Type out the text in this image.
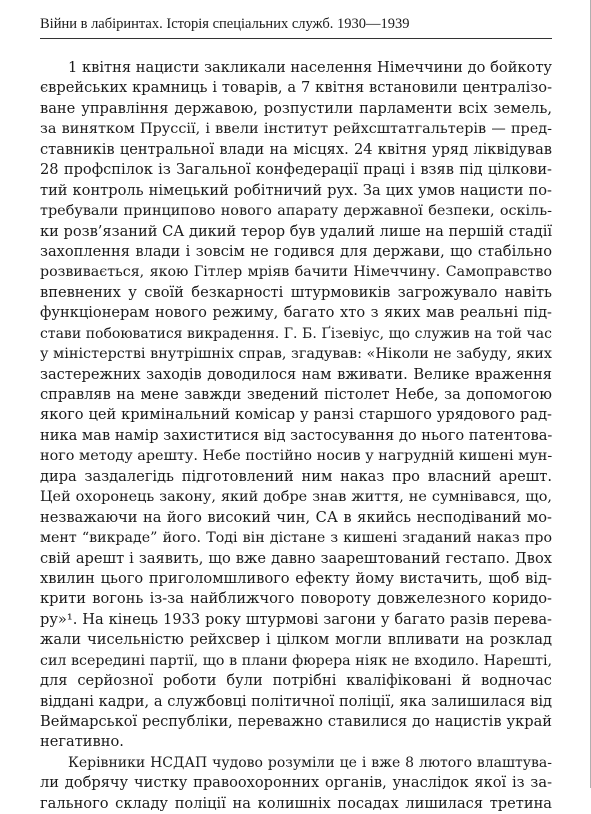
Війни в лабіринтах. Історія спеціальних служб. 1930—1939
1 квітня нацисти закликали населення Німеччини до бойкоту
єврейських крамниць і товарів, а 7 квітня встановили централізо-
ване управління державою, розпустили парламенти всіх земель,
за винятком Пруссії, і ввели інститут рейхсштатгальтерів — пред-
ставників центральної влади на місцях. 24 квітня уряд ліквідував
28 профспілок із Загальної конфедерації праці і взяв під цілкови-
тий контроль німецький робітничий рух. За цих умов нацисти по-
требували принципово нового апарату державної безпеки, оскіль-
ки розв’язаний СА дикий терор був удалий лише на першій стадії
захоплення влади і зовсім не годився для держави, що стабільно
розвивається, якою Гітлер мріяв бачити Німеччину. Самоправство
впевнених у своїй безкарності штурмовиків загрожувало навіть
функціонерам нового режиму, багато хто з яких мав реальні під-
стави побоюватися викрадення. Г. Б. Ґізевіус, що служив на той час
у міністерстві внутрішніх справ, згадував: «Ніколи не забуду, яких
застережних заходів доводилося нам вживати. Велике враження
справляв на мене завжди зведений пістолет Небе, за допомогою
якого цей кримінальний комісар у ранзі старшого урядового рад-
ника мав намір захиститися від застосування до нього патентова-
ного методу арешту. Небе постійно носив у нагрудній кишені мун-
дира заздалегідь підготовлений ним наказ про власний арешт.
Цей охоронець закону, який добре знав життя, не сумнівався, що,
незважаючи на його високий чин, СА в якийсь несподіваний мо-
мент “викраде” його. Тоді він дістане з кишені згаданий наказ про
свій арешт і заявить, що вже давно заарештований гестапо. Двох
хвилин цього приголомшливого ефекту йому вистачить, щоб від-
крити вогонь із-за найближчого повороту довжелезного коридо-
ру»¹. На кінець 1933 року штурмові загони у багато разів перева-
жали чисельністю рейхсвер і цілком могли впливати на розклад
сил всередині партії, що в плани фюрера ніяк не входило. Нарешті,
для серйозної роботи були потрібні кваліфіковані й водночас
віддані кадри, а службовці політичної поліції, яка залишилася від
Веймарської республіки, переважно ставилися до нацистів украй
негативно.
Керівники НСДАП чудово розуміли це і вже 8 лютого влаштува-
ли добрячу чистку правоохоронних органів, унаслідок якої із за-
гального складу поліції на колишніх посадах лишилася третина
